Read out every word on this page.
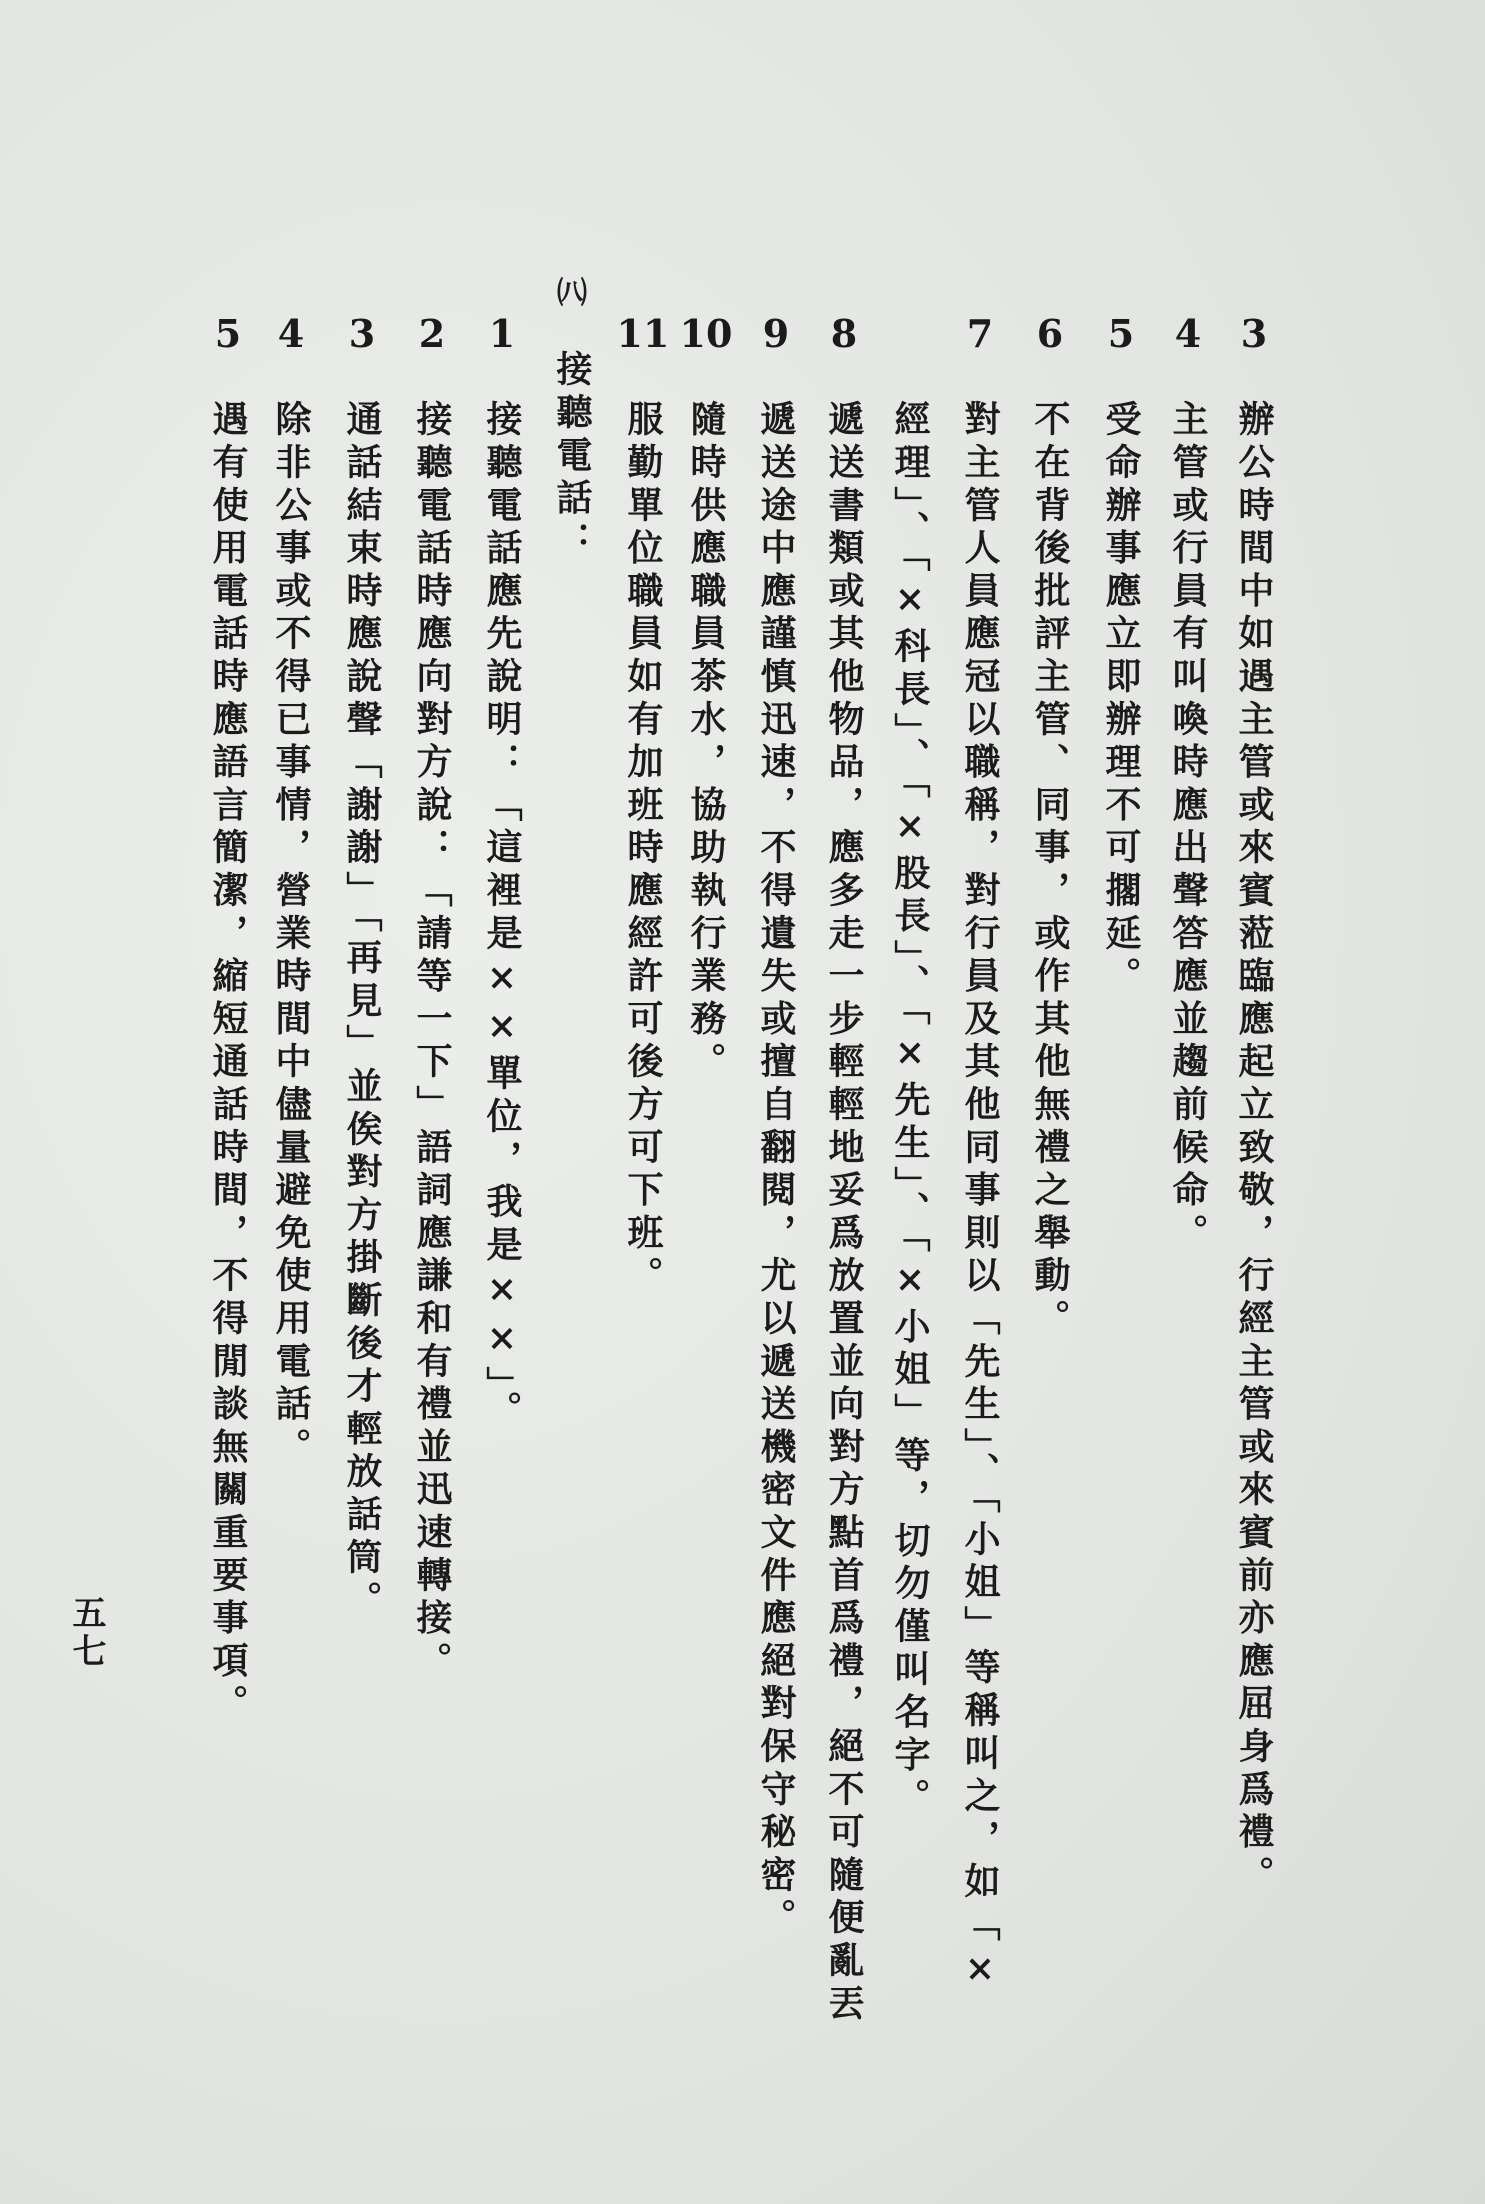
3
辦公時間中如遇主管或來賓蒞臨應起立致敬，行經主管或來賓前亦應屈身爲禮。
4
主管或行員有叫喚時應出聲答應並趨前候命。
5
受命辦事應立即辦理不可擱延。
6
不在背後批評主管、同事，或作其他無禮之舉動。
7
對主管人員應冠以職稱，對行員及其他同事則以「先生」、「小姐」等稱叫之，如「×
經理」、「×科長」、「×股長」、「×先生」、「×小姐」等，切勿僅叫名字。
8
遞送書類或其他物品，應多走一步輕輕地妥爲放置並向對方點首爲禮，絕不可隨便亂丟
9
遞送途中應謹慎迅速，不得遺失或擅自翻閱，尤以遞送機密文件應絕對保守秘密。
10
隨時供應職員茶水，協助執行業務。
11
服勤單位職員如有加班時應經許可後方可下班。
㈧
接聽電話：
1
接聽電話應先說明：「這裡是××單位，我是××」。
2
接聽電話時應向對方說：「請等一下」語詞應謙和有禮並迅速轉接。
3
通話結束時應說聲「謝謝」「再見」並俟對方掛斷後才輕放話筒。
4
除非公事或不得已事情，營業時間中儘量避免使用電話。
5
遇有使用電話時應語言簡潔，縮短通話時間，不得閒談無關重要事項。
五七
